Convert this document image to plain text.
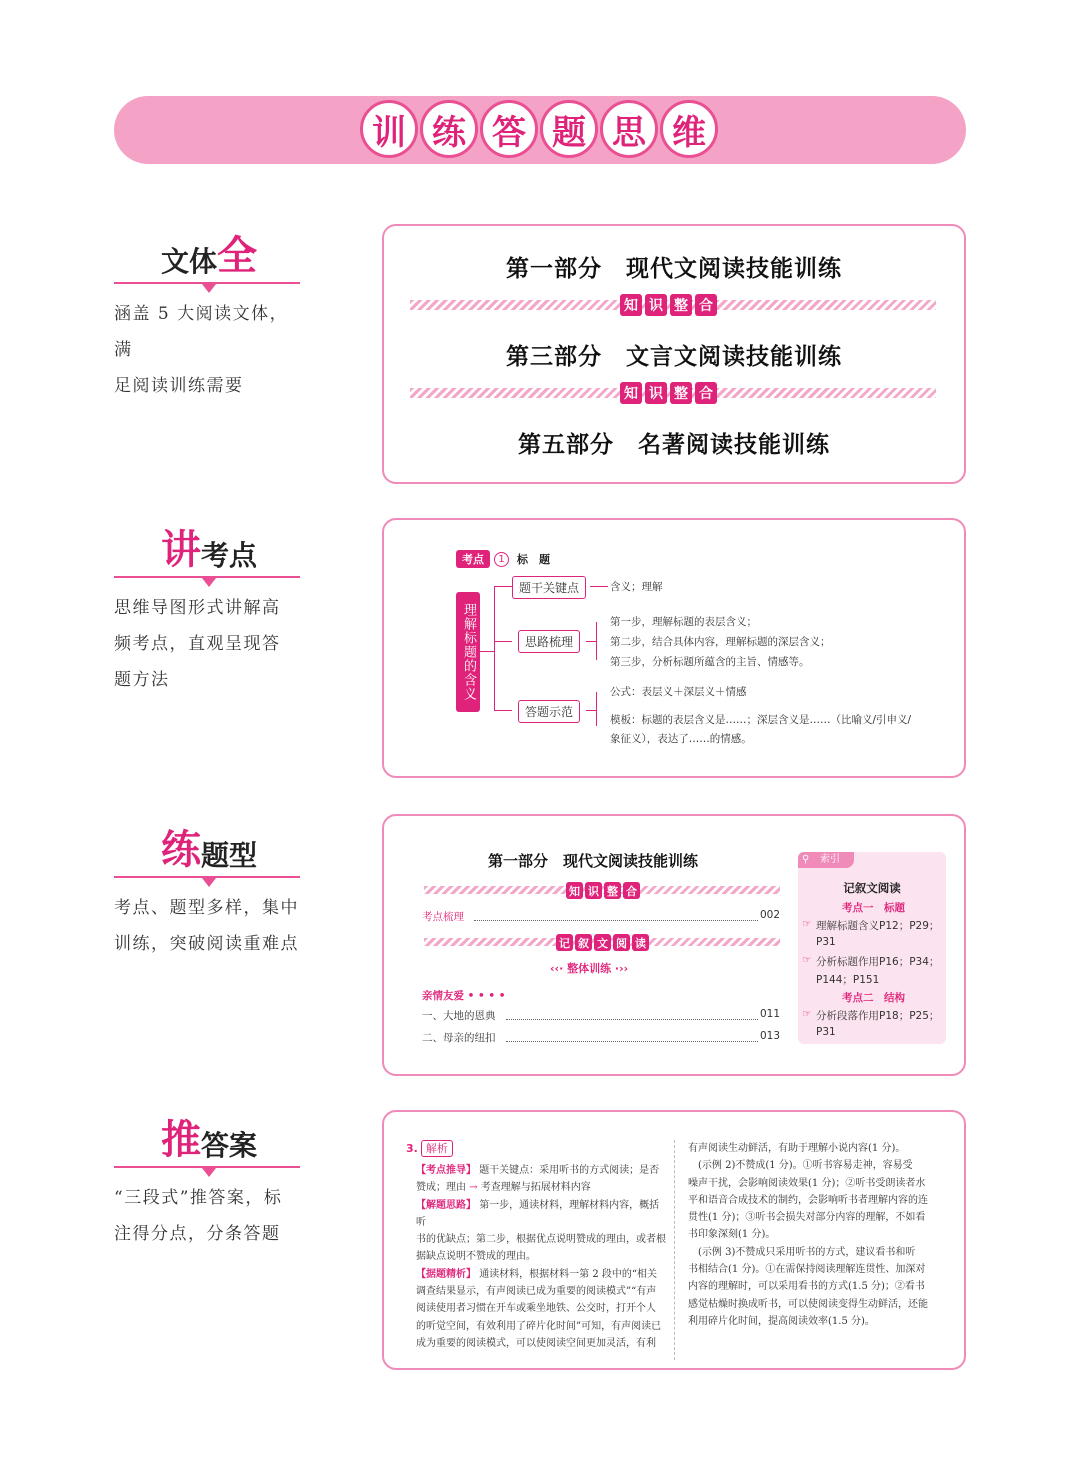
训 练 答 题 思 维
文体 全
涵盖 5 大阅读文体，满
足阅读训练需要
讲 考点
思维导图形式讲解高
频考点，直观呈现答
题方法
练 题型
考点、题型多样，集中
训练，突破阅读重难点
推 答案
“三段式”推答案，标
注得分点，分条答题
第一部分　现代文阅读技能训练
知 识 整 合
第三部分　文言文阅读技能训练
知 识 整 合
第五部分　名著阅读技能训练
考点	1	标　题
理解标题的含义
题干关键点
思路梳理
答题示范
含义；理解
第一步，理解标题的表层含义；
第二步，结合具体内容，理解标题的深层含义；
第三步，分析标题所蕴含的主旨、情感等。
公式：表层义＋深层义＋情感
模板：标题的表层含义是……；深层含义是……（比喻义/引申义/
象征义），表达了……的情感。
第一部分　现代文阅读技能训练
知 识 整 合
考点梳理	002
记 叙 文 阅 读
‹‹· 整体训练 ·››
亲情友爱 • • • •
一、大地的恩典	011
二、母亲的纽扣	013
索引
⚲
记叙文阅读
考点一　标题
☞ 理解标题含义P12；P29；
P31
☞ 分析标题作用P16；P34；
P144；P151
考点二　结构
☞ 分析段落作用P18；P25；
P31
3. 解析
【考点推导】 题干关键点：采用听书的方式阅读；是否
赞成；理由 → 考查理解与拓展材料内容
【解题思路】 第一步，通读材料，理解材料内容，概括听
书的优缺点；第二步，根据优点说明赞成的理由，或者根
据缺点说明不赞成的理由。
【据题精析】 通读材料，根据材料一第 2 段中的“相关
调查结果显示，有声阅读已成为重要的阅读模式”“有声
阅读使用者习惯在开车或乘坐地铁、公交时，打开个人
的听觉空间，有效利用了碎片化时间”可知，有声阅读已
成为重要的阅读模式，可以使阅读空间更加灵活，有利
有声阅读生动鲜活，有助于理解小说内容(1 分)。
　(示例 2)不赞成(1 分)。①听书容易走神，容易受
噪声干扰，会影响阅读效果(1 分)；②听书受朗读者水
平和语音合成技术的制约，会影响听书者理解内容的连
贯性(1 分)；③听书会损失对部分内容的理解，不如看
书印象深刻(1 分)。
　(示例 3)不赞成只采用听书的方式，建议看书和听
书相结合(1 分)。①在需保持阅读理解连贯性、加深对
内容的理解时，可以采用看书的方式(1.5 分)；②看书
感觉枯燥时换成听书，可以使阅读变得生动鲜活，还能
利用碎片化时间，提高阅读效率(1.5 分)。
